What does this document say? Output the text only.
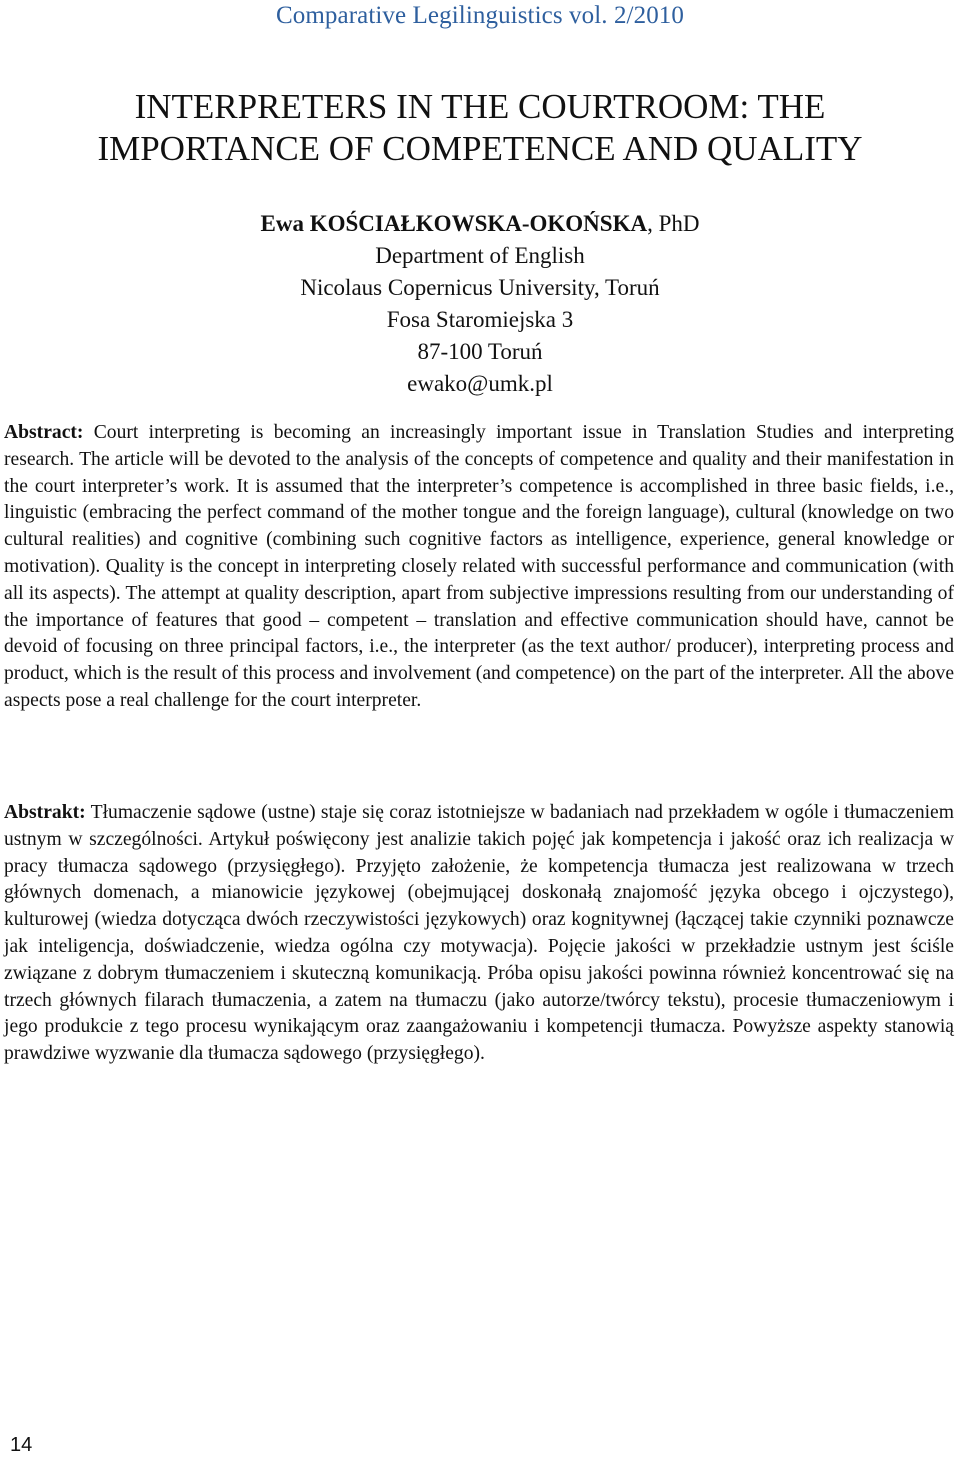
Comparative Legilinguistics vol. 2/2010
INTERPRETERS IN THE COURTROOM: THE
IMPORTANCE OF COMPETENCE AND QUALITY
Ewa KOŚCIAŁKOWSKA-OKOŃSKA, PhD
Department of English
Nicolaus Copernicus University, Toruń
Fosa Staromiejska 3
87-100 Toruń
ewako@umk.pl

Abstract: Court interpreting is becoming an increasingly important issue in Translation Studies and interpreting research. The article will be devoted to the analysis of the concepts of competence and quality and their manifestation in the court interpreter’s work. It is assumed that the interpreter’s competence is accomplished in three basic fields, i.e., linguistic (embracing the perfect command of the mother tongue and the foreign language), cultural (knowledge on two cultural realities) and cognitive (combining such cognitive factors as intelligence, experience, general knowledge or motivation). Quality is the concept in interpreting closely related with successful performance and communication (with all its aspects). The attempt at quality description, apart from subjective impressions resulting from our understanding of the importance of features that good – competent – translation and effective communication should have, cannot be devoid of focusing on three principal factors, i.e., the interpreter (as the text author/ producer), interpreting process and product, which is the result of this process and involvement (and competence) on the part of the interpreter. All the above aspects pose a real challenge for the court interpreter.

Abstrakt: Tłumaczenie sądowe (ustne) staje się coraz istotniejsze w badaniach nad przekładem w ogóle i tłumaczeniem ustnym w szczególności. Artykuł poświęcony jest analizie takich pojęć jak kompetencja i jakość oraz ich realizacja w pracy tłumacza sądowego (przysięgłego). Przyjęto założenie, że kompetencja tłumacza jest realizowana w trzech głównych domenach, a mianowicie językowej (obejmującej doskonałą znajomość języka obcego i ojczystego), kulturowej (wiedza dotycząca dwóch rzeczywistości językowych) oraz kognitywnej (łączącej takie czynniki poznawcze jak inteligencja, doświadczenie, wiedza ogólna czy motywacja). Pojęcie jakości w przekładzie ustnym jest ściśle związane z dobrym tłumaczeniem i skuteczną komunikacją. Próba opisu jakości powinna również koncentrować się na trzech głównych filarach tłumaczenia, a zatem na tłumaczu (jako autorze/twórcy tekstu), procesie tłumaczeniowym i jego produkcie z tego procesu wynikającym oraz zaangażowaniu i kompetencji tłumacza. Powyższe aspekty stanowią prawdziwe wyzwanie dla tłumacza sądowego (przysięgłego).

14
